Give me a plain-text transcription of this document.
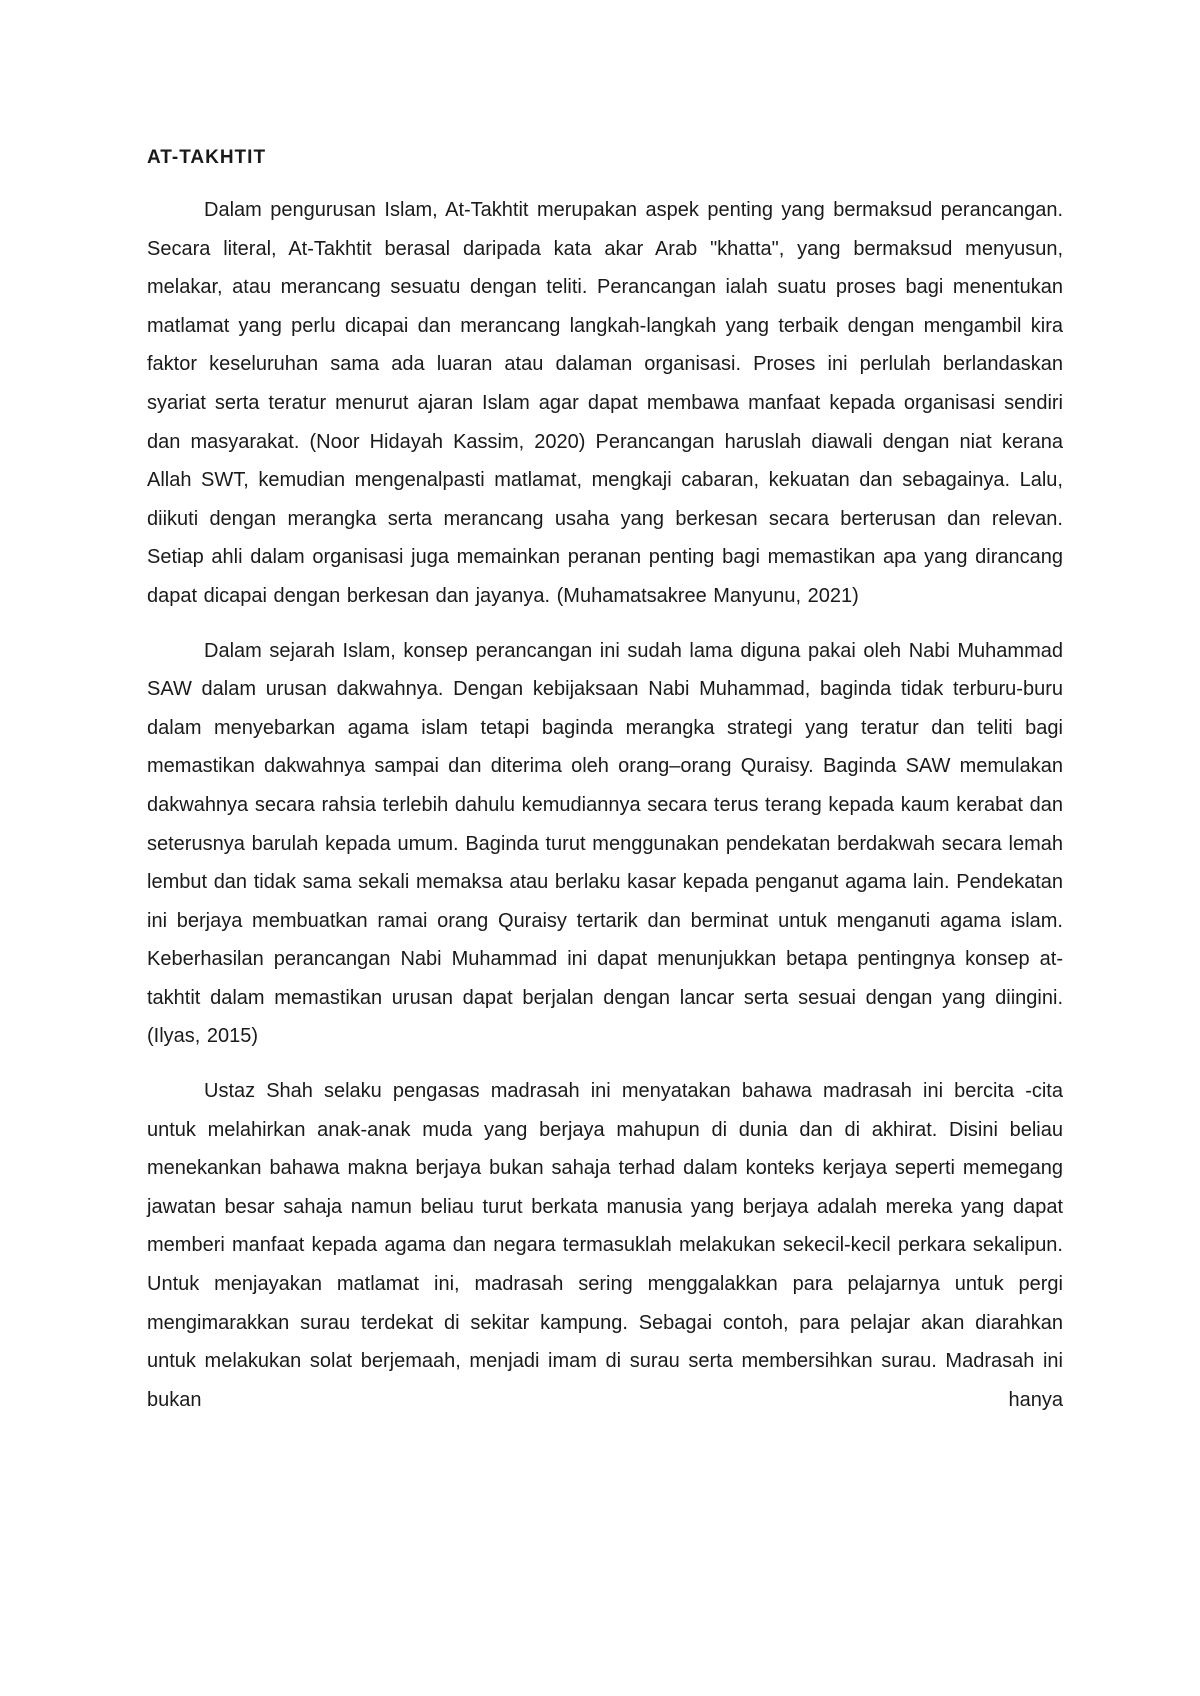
AT-TAKHTIT

Dalam pengurusan Islam, At-Takhtit merupakan aspek penting yang bermaksud perancangan. Secara literal, At-Takhtit berasal daripada kata akar Arab "khatta", yang bermaksud menyusun, melakar, atau merancang sesuatu dengan teliti. Perancangan ialah suatu proses bagi menentukan matlamat yang perlu dicapai dan merancang langkah-langkah yang terbaik dengan mengambil kira faktor keseluruhan sama ada luaran atau dalaman organisasi. Proses ini perlulah berlandaskan syariat serta teratur menurut ajaran Islam agar dapat membawa manfaat kepada organisasi sendiri dan masyarakat. (Noor Hidayah Kassim, 2020) Perancangan haruslah diawali dengan niat kerana Allah SWT, kemudian mengenalpasti matlamat, mengkaji cabaran, kekuatan dan sebagainya. Lalu, diikuti dengan merangka serta merancang usaha yang berkesan secara berterusan dan relevan. Setiap ahli dalam organisasi juga memainkan peranan penting bagi memastikan apa yang dirancang dapat dicapai dengan berkesan dan jayanya. (Muhamatsakree Manyunu, 2021)

Dalam sejarah Islam, konsep perancangan ini sudah lama diguna pakai oleh Nabi Muhammad SAW dalam urusan dakwahnya. Dengan kebijaksaan Nabi Muhammad, baginda tidak terburu-buru dalam menyebarkan agama islam tetapi baginda merangka strategi yang teratur dan teliti bagi memastikan dakwahnya sampai dan diterima oleh orang–orang Quraisy. Baginda SAW memulakan dakwahnya secara rahsia terlebih dahulu kemudiannya secara terus terang kepada kaum kerabat dan seterusnya barulah kepada umum. Baginda turut menggunakan pendekatan berdakwah secara lemah lembut dan tidak sama sekali memaksa atau berlaku kasar kepada penganut agama lain. Pendekatan ini berjaya membuatkan ramai orang Quraisy tertarik dan berminat untuk menganuti agama islam. Keberhasilan perancangan Nabi Muhammad ini dapat menunjukkan betapa pentingnya konsep at-takhtit dalam memastikan urusan dapat berjalan dengan lancar serta sesuai dengan yang diingini. (Ilyas, 2015)

Ustaz Shah selaku pengasas madrasah ini menyatakan bahawa madrasah ini bercita -cita untuk melahirkan anak-anak muda yang berjaya mahupun di dunia dan di akhirat. Disini beliau menekankan bahawa makna berjaya bukan sahaja terhad dalam konteks kerjaya seperti memegang jawatan besar sahaja namun beliau turut berkata manusia yang berjaya adalah mereka yang dapat memberi manfaat kepada agama dan negara termasuklah melakukan sekecil-kecil perkara sekalipun. Untuk menjayakan matlamat ini, madrasah sering menggalakkan para pelajarnya untuk pergi mengimarakkan surau terdekat di sekitar kampung. Sebagai contoh, para pelajar akan diarahkan untuk melakukan solat berjemaah, menjadi imam di surau serta membersihkan surau. Madrasah ini bukan hanya
